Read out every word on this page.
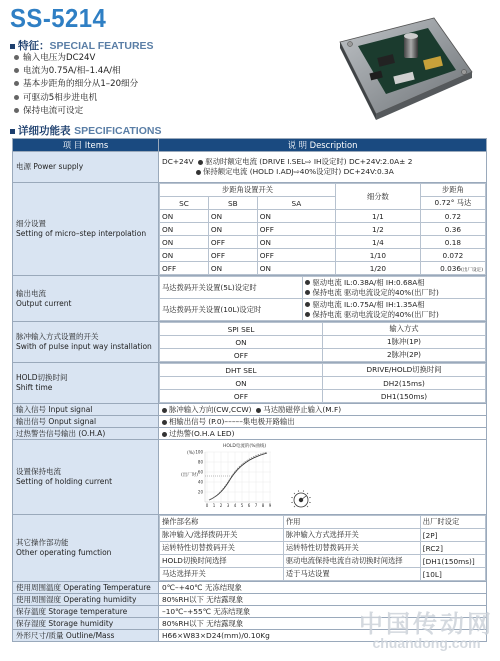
SS-5214
特征：SPECIAL FEATURES
输入电压为DC24V
电流为0.75A/相–1.4A/相
基本步距角的细分从1–20细分
可驱动5相步进电机
保持电流可设定
详细功能表 SPECIFICATIONS
项 目 Items	说 明 Description
电源 Power supply	DC+24V 驱动时额定电流 (DRIVE I.SEL⇨ IH设定时) DC+24V:2.0A± 2
保持额定电流 (HOLD I.ADJ⇨40%设定时) DC+24V:0.3A
细分设置
Setting of micro–step interpolation	
步距角设置开关	细分数	步距角
SC	SB	SA	0.72° 马达
ON	ON	ON	1/1	0.72
ON	ON	OFF	1/2	0.36
ON	OFF	ON	1/4	0.18
ON	OFF	OFF	1/10	0.072
OFF	ON	ON	1/20	0.036(出厂设定)

输出电流
Output current	
马达拨码开关设置(5L)设定时	驱动电流 IL:0.38A/相 IH:0.68A相
保持电流 驱动电流设定的40%(出厂时)
马达拨码开关设置(10L)设定时	驱动电流 IL:0.75A/相 IH:1.35A相
保持电流 驱动电流设定的40%(出厂时)

脉冲输入方式设置的开关
Swith of pulse input way installation	
SPI SEL	输入方式
ON	1脉冲(1P)
OFF	2脉冲(2P)

HOLD切换时间
Shift time	
DHT SEL	DRIVE/HOLD切换时间
ON	DH2(15ms)
OFF	DH1(150ms)

输入信号 Input signal	脉冲输入方向(CW,CCW) 马达励磁停止输入(M.F)
输出信号 Onput signal	相输出信号 (P.0)–––––集电极开路输出
过热警告信号输出 (O.H.A)	过热警(O.H.A LED)
设置保持电流
Setting of holding current	
HOLD电流的(%曲线)
(%)
(出厂时)
100
80
60
40
20
0 1 2 3 4 5 6 7 8 9

其它操作部功能
Other operating fumction	
操作部名称	作用	出厂时设定
脉冲输入/选择拨码开关	脉冲输入方式选择开关	[2P]
运转特性切替拨码开关	运转特性切替拨码开关	[RC2]
HOLD切换时间选择	驱动电流保持电流自动切换时间选择	[DH1(150ms)]
马达选择开关	适于马达设置	[10L]

使用周围温度 Operating Temperature	0℃–+40℃ 无冻结现象
使用周围湿度 Operating humidity	80%RH以下 无结露现象
保存温度 Storage temperature	–10℃–+55℃ 无冻结现象
保存湿度 Storage humidity	80%RH以下 无结露现象
外形尺寸/质量 Outline/Mass	H66×W83×D24(mm)/0.10Kg	中国传动网
chuandong.com
